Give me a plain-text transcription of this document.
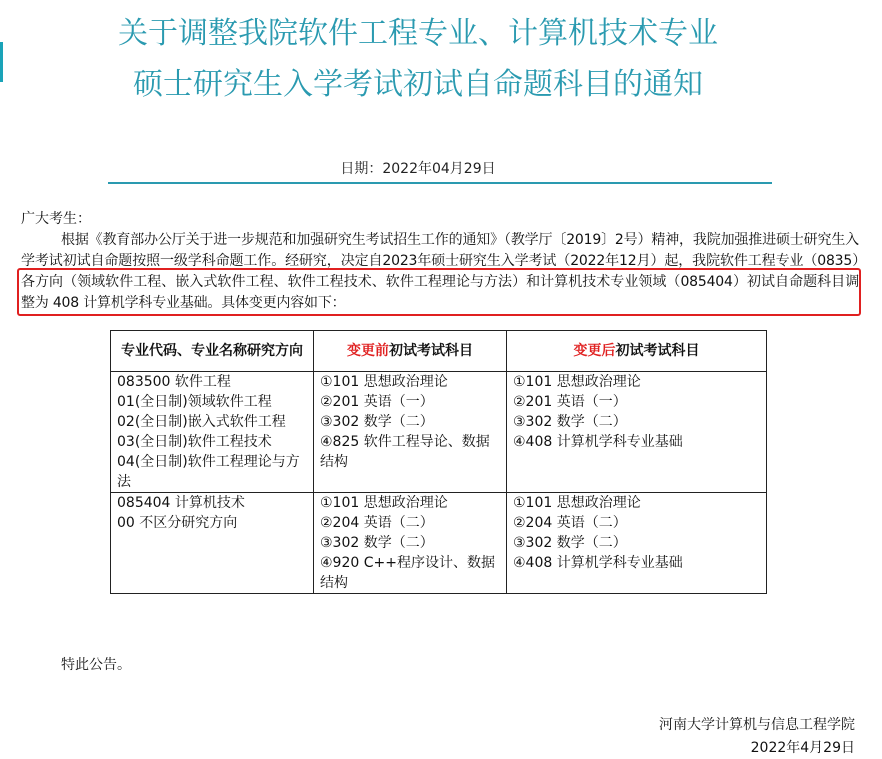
关于调整我院软件工程专业、计算机技术专业硕士研究生入学考试初试自命题科目的通知
日期：2022年04月29日
广大考生：
根据《教育部办公厅关于进一步规范和加强研究生考试招生工作的通知》（教学厅〔2019〕2号）精神，我院加强推进硕士研究生入学考试初试自命题按照一级学科命题工作。经研究，决定自2023年硕士研究生入学考试（2022年12月）起，我院软件工程专业（0835）各方向（领域软件工程、嵌入式软件工程、软件工程技术、软件工程理论与方法）和计算机技术专业领域（085404）初试自命题科目调整为 408 计算机学科专业基础。具体变更内容如下：
专业代码、专业名称研究方向	变更前初试考试科目	变更后初试考试科目

083500 软件工程
01(全日制)领域软件工程
02(全日制)嵌入式软件工程
03(全日制)软件工程技术
04(全日制)软件工程理论与方法	①101 思想政治理论
②201 英语（一）
③302 数学（二）
④825 软件工程导论、数据结构	①101 思想政治理论
②201 英语（一）
③302 数学（二）
④408 计算机学科专业基础

085404 计算机技术
00 不区分研究方向	①101 思想政治理论
②204 英语（二）
③302 数学（二）
④920 C++程序设计、数据结构	①101 思想政治理论
②204 英语（二）
③302 数学（二）
④408 计算机学科专业基础
特此公告。
河南大学计算机与信息工程学院
2022年4月29日
